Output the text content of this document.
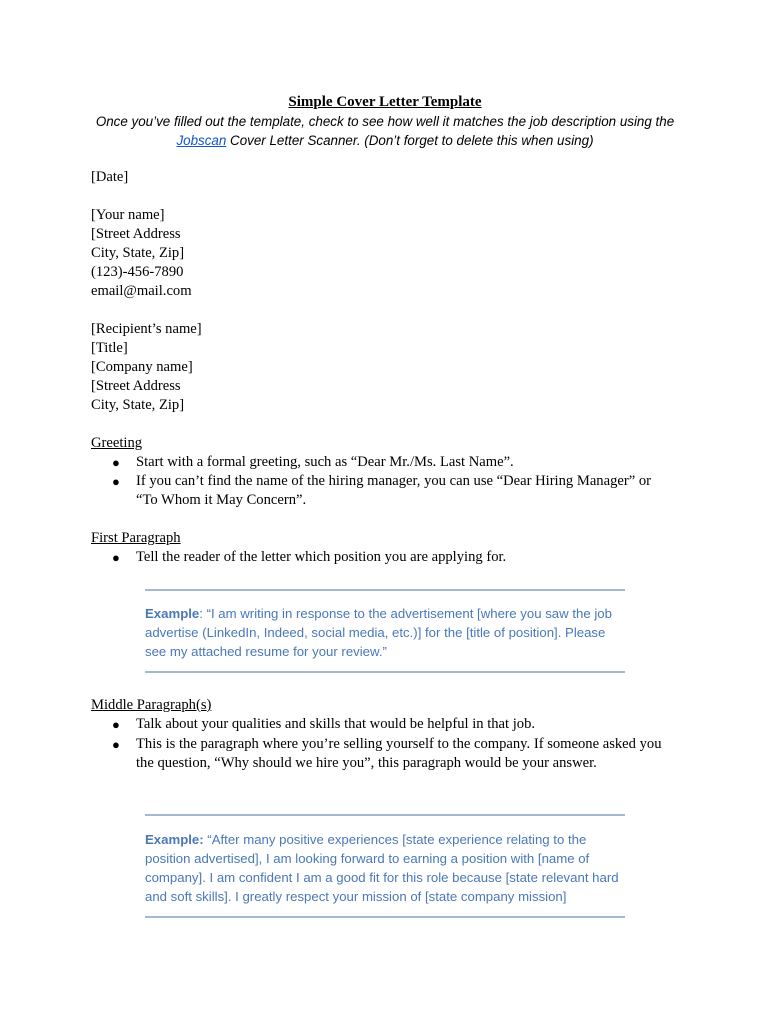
Simple Cover Letter Template
Once you’ve filled out the template, check to see how well it matches the job description using the Jobscan Cover Letter Scanner. (Don’t forget to delete this when using)
[Date]
[Your name]
[Street Address
City, State, Zip]
(123)-456-7890
email@mail.com
[Recipient’s name]
[Title]
[Company name]
[Street Address
City, State, Zip]
Greeting
●	Start with a formal greeting, such as “Dear Mr./Ms. Last Name”.
●	If you can’t find the name of the hiring manager, you can use “Dear Hiring Manager” or “To Whom it May Concern”.
First Paragraph
●	Tell the reader of the letter which position you are applying for.
Example: “I am writing in response to the advertisement [where you saw the job advertise (LinkedIn, Indeed, social media, etc.)] for the [title of position]. Please see my attached resume for your review.”
Middle Paragraph(s)
●	Talk about your qualities and skills that would be helpful in that job.
●	This is the paragraph where you’re selling yourself to the company. If someone asked you the question, “Why should we hire you”, this paragraph would be your answer.
Example: “After many positive experiences [state experience relating to the position advertised], I am looking forward to earning a position with [name of company]. I am confident I am a good fit for this role because [state relevant hard and soft skills]. I greatly respect your mission of [state company mission]
